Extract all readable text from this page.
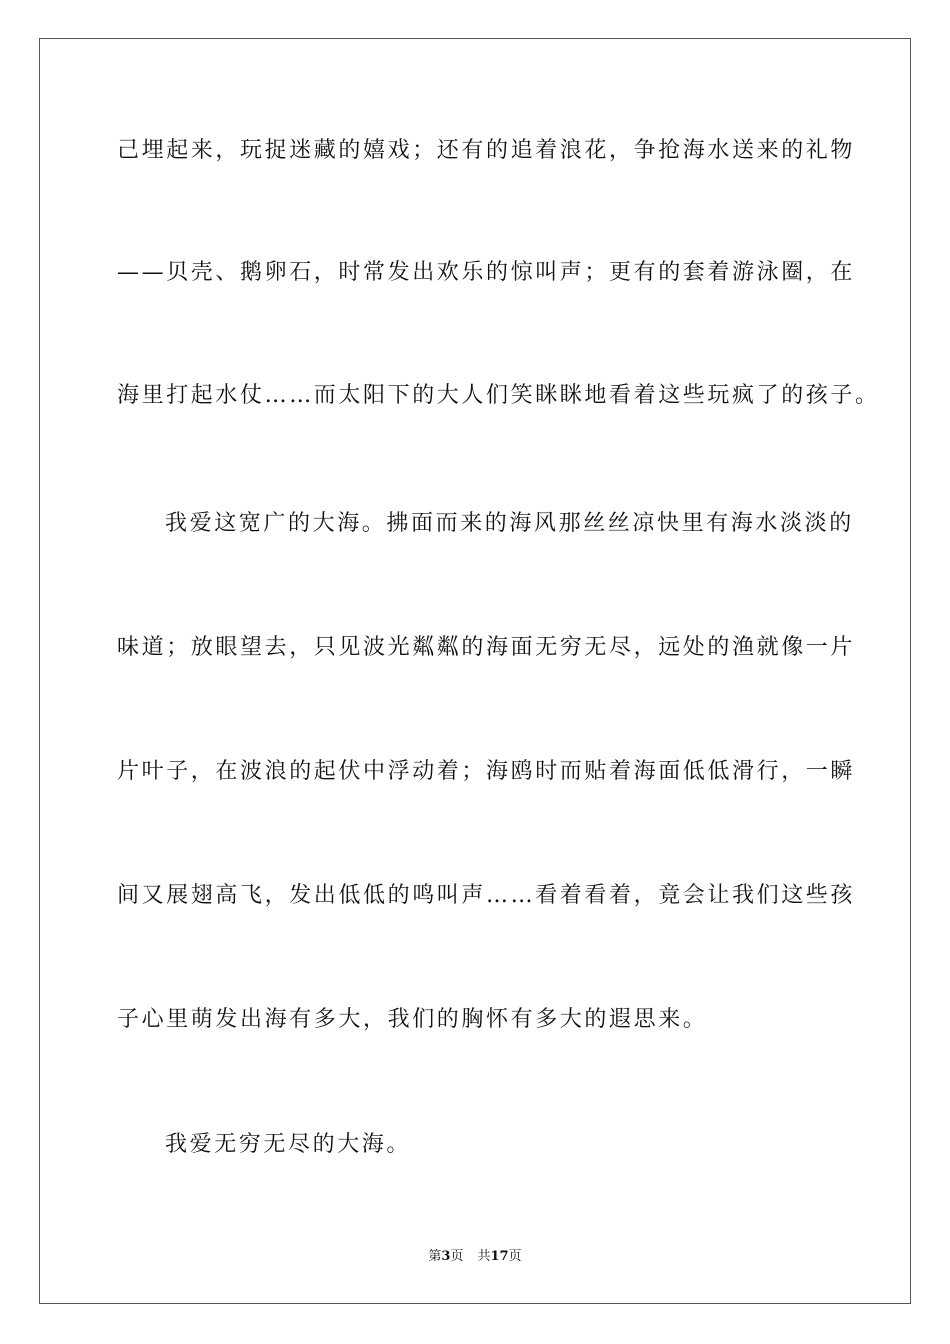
己埋起来，玩捉迷藏的嬉戏；还有的追着浪花，争抢海水送来的礼物
——贝壳、鹅卵石，时常发出欢乐的惊叫声；更有的套着游泳圈，在
海里打起水仗……而太阳下的大人们笑眯眯地看着这些玩疯了的孩子。
我爱这宽广的大海。拂面而来的海风那丝丝凉快里有海水淡淡的
味道；放眼望去，只见波光粼粼的海面无穷无尽，远处的渔就像一片
片叶子，在波浪的起伏中浮动着；海鸥时而贴着海面低低滑行，一瞬
间又展翅高飞，发出低低的鸣叫声……看着看着，竟会让我们这些孩
子心里萌发出海有多大，我们的胸怀有多大的遐思来。
我爱无穷无尽的大海。
第3页 共17页
